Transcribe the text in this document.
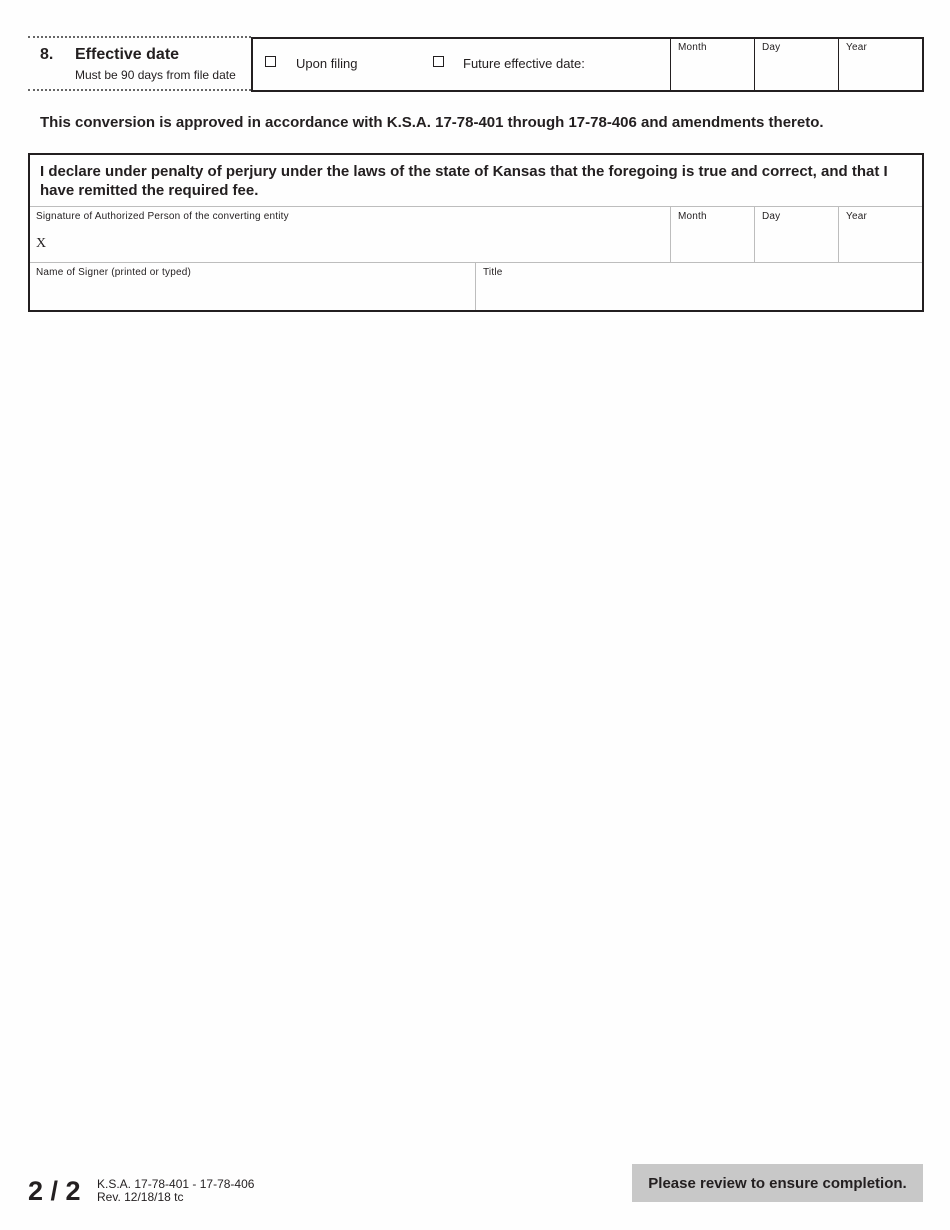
8. Effective date
Must be 90 days from file date
Upon filing	Future effective date:
Month	Day	Year
This conversion is approved in accordance with K.S.A. 17-78-401 through 17-78-406 and amendments thereto.
I declare under penalty of perjury under the laws of the state of Kansas that the foregoing is true and correct, and that I have remitted the required fee.
Signature of Authorized Person of the converting entity
X
Month	Day	Year
Name of Signer (printed or typed)	Title
2 / 2 K.S.A. 17-78-401 - 17-78-406
Rev. 12/18/18 tc
Please review to ensure completion.
